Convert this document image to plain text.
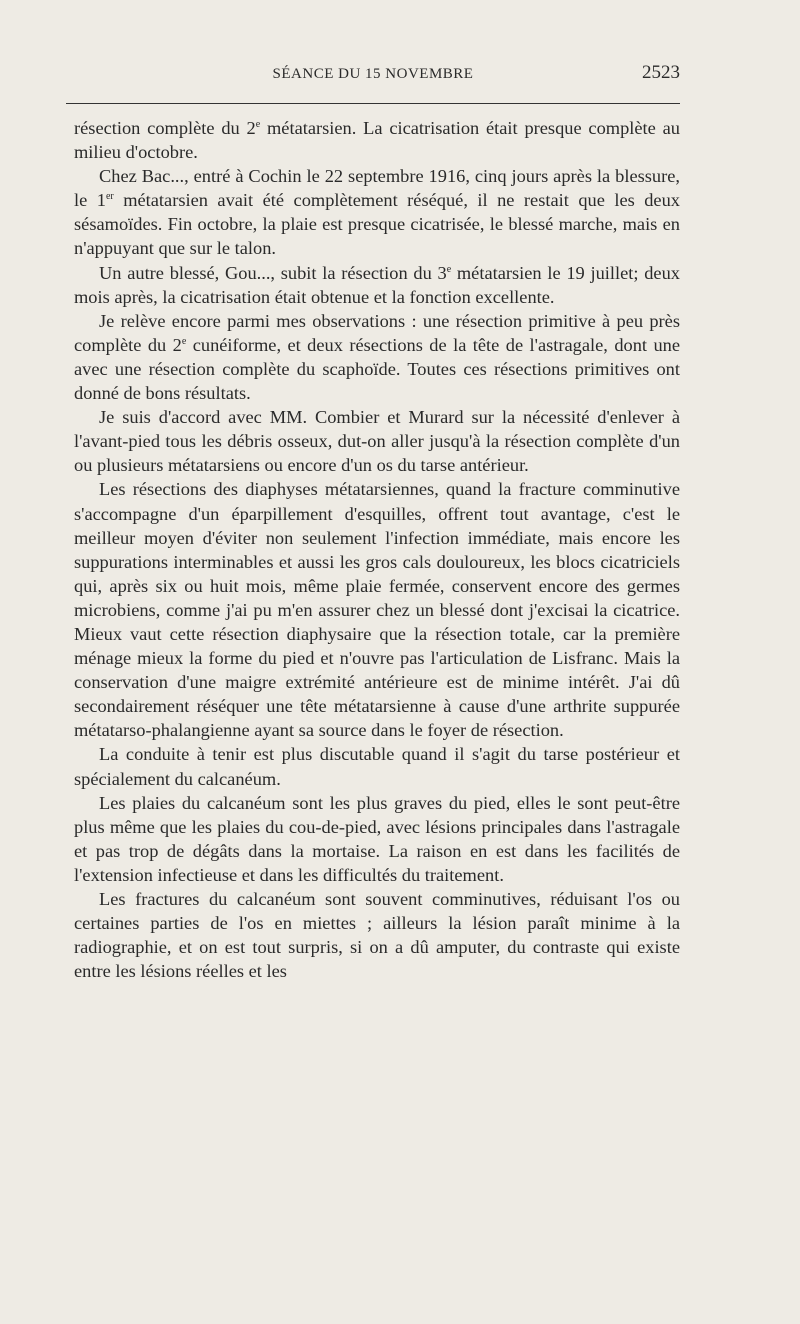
SÉANCE DU 15 NOVEMBRE	2523

résection complète du 2e métatarsien. La cicatrisation était presque complète au milieu d'octobre.

Chez Bac..., entré à Cochin le 22 septembre 1916, cinq jours après la blessure, le 1er métatarsien avait été complètement réséqué, il ne restait que les deux sésamoïdes. Fin octobre, la plaie est presque cicatrisée, le blessé marche, mais en n'appuyant que sur le talon.

Un autre blessé, Gou..., subit la résection du 3e métatarsien le 19 juillet; deux mois après, la cicatrisation était obtenue et la fonction excellente.

Je relève encore parmi mes observations : une résection primitive à peu près complète du 2e cunéiforme, et deux résections de la tête de l'astragale, dont une avec une résection complète du scaphoïde. Toutes ces résections primitives ont donné de bons résultats.

Je suis d'accord avec MM. Combier et Murard sur la nécessité d'enlever à l'avant-pied tous les débris osseux, dut-on aller jusqu'à la résection complète d'un ou plusieurs métatarsiens ou encore d'un os du tarse antérieur.

Les résections des diaphyses métatarsiennes, quand la fracture comminutive s'accompagne d'un éparpillement d'esquilles, offrent tout avantage, c'est le meilleur moyen d'éviter non seulement l'infection immédiate, mais encore les suppurations interminables et aussi les gros cals douloureux, les blocs cicatriciels qui, après six ou huit mois, même plaie fermée, conservent encore des germes microbiens, comme j'ai pu m'en assurer chez un blessé dont j'excisai la cicatrice. Mieux vaut cette résection diaphysaire que la résection totale, car la première ménage mieux la forme du pied et n'ouvre pas l'articulation de Lisfranc. Mais la conservation d'une maigre extrémité antérieure est de minime intérêt. J'ai dû secondairement réséquer une tête métatarsienne à cause d'une arthrite suppurée métatarso-phalangienne ayant sa source dans le foyer de résection.

La conduite à tenir est plus discutable quand il s'agit du tarse postérieur et spécialement du calcanéum.

Les plaies du calcanéum sont les plus graves du pied, elles le sont peut-être plus même que les plaies du cou-de-pied, avec lésions principales dans l'astragale et pas trop de dégâts dans la mortaise. La raison en est dans les facilités de l'extension infectieuse et dans les difficultés du traitement.

Les fractures du calcanéum sont souvent comminutives, réduisant l'os ou certaines parties de l'os en miettes ; ailleurs la lésion paraît minime à la radiographie, et on est tout surpris, si on a dû amputer, du contraste qui existe entre les lésions réelles et les
